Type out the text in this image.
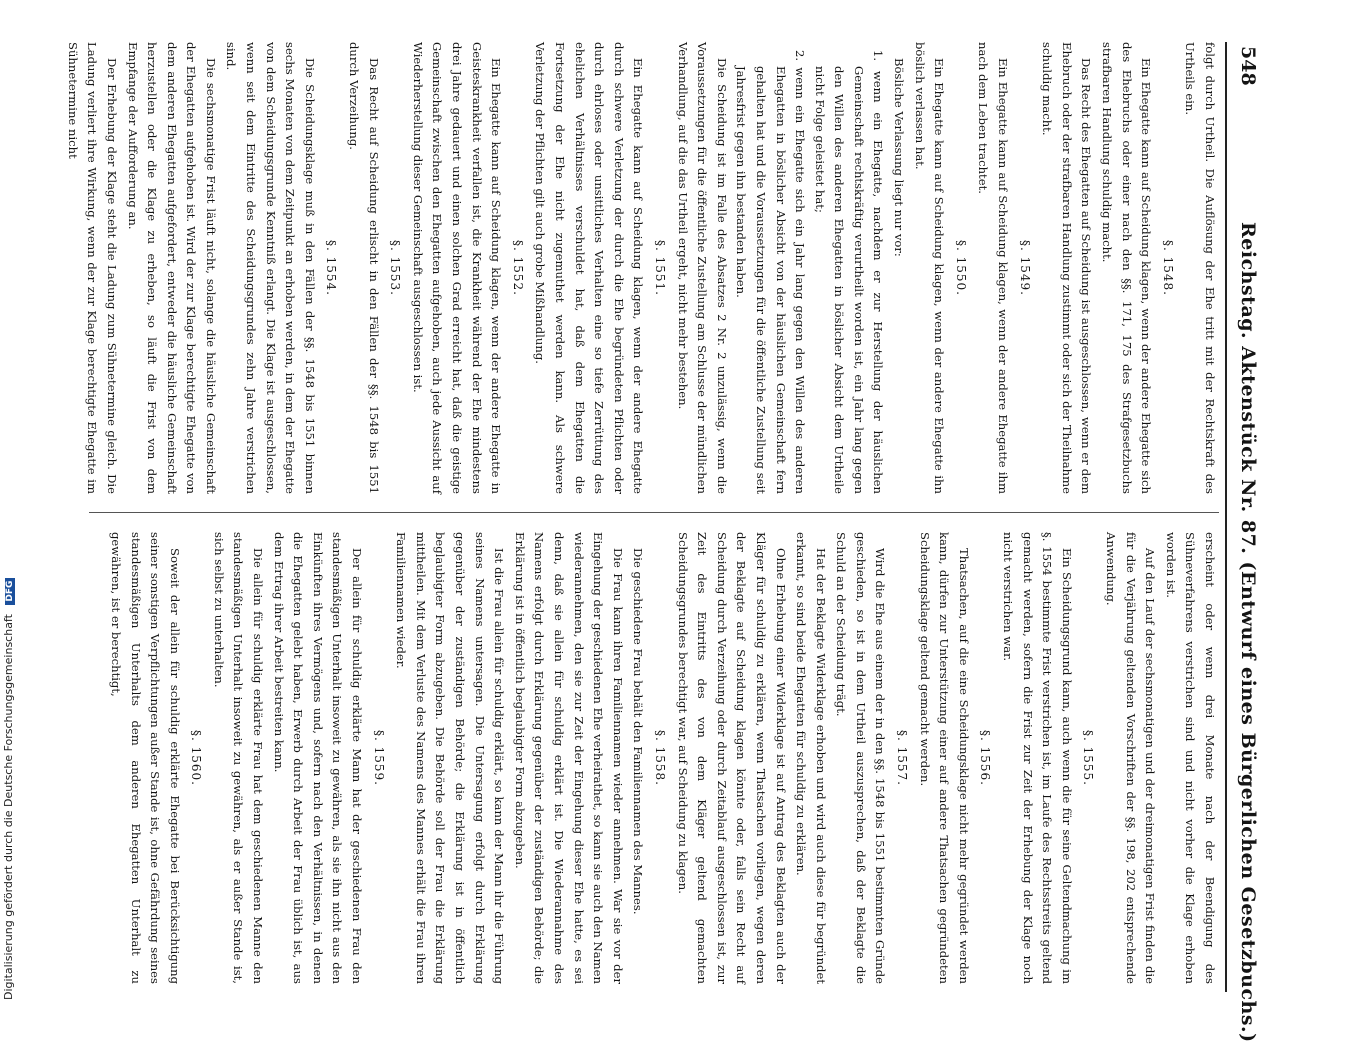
548
Reichstag. Aktenstück Nr. 87. (Entwurf eines Bürgerlichen Gesetzbuchs.)
folgt durch Urtheil. Die Auflösung der Ehe tritt mit der Rechtskraft des Urtheils ein.
§. 1548.
Ein Ehegatte kann auf Scheidung klagen, wenn der andere Ehegatte sich des Ehebruchs oder einer nach den §§. 171, 175 des Strafgesetzbuchs strafbaren Handlung schuldig macht.
Das Recht des Ehegatten auf Scheidung ist ausgeschlossen, wenn er dem Ehebruch oder der strafbaren Handlung zustimmt oder sich der Theilnahme schuldig macht.
§. 1549.
Ein Ehegatte kann auf Scheidung klagen, wenn der andere Ehegatte ihm nach dem Leben trachtet.
§. 1550.
Ein Ehegatte kann auf Scheidung klagen, wenn der andere Ehegatte ihn böslich verlassen hat.
Bösliche Verlassung liegt nur vor:
1. wenn ein Ehegatte, nachdem er zur Herstellung der häuslichen Gemeinschaft rechtskräftig verurtheilt worden ist, ein Jahr lang gegen den Willen des anderen Ehegatten in böslicher Absicht dem Urtheile nicht Folge geleistet hat;
2. wenn ein Ehegatte sich ein Jahr lang gegen den Willen des anderen Ehegatten in böslicher Absicht von der häuslichen Gemeinschaft fern gehalten hat und die Voraussetzungen für die öffentliche Zustellung seit Jahresfrist gegen ihn bestanden haben.
Die Scheidung ist im Falle des Absatzes 2 Nr. 2 unzulässig, wenn die Voraussetzungen für die öffentliche Zustellung am Schlusse der mündlichen Verhandlung, auf die das Urtheil ergeht, nicht mehr bestehen.
§. 1551.
Ein Ehegatte kann auf Scheidung klagen, wenn der andere Ehegatte durch schwere Verletzung der durch die Ehe begründeten Pflichten oder durch ehrloses oder unsittliches Verhalten eine so tiefe Zerrüttung des ehelichen Verhältnisses verschuldet hat, daß dem Ehegatten die Fortsetzung der Ehe nicht zugemuthet werden kann. Als schwere Verletzung der Pflichten gilt auch grobe Mißhandlung.
§. 1552.
Ein Ehegatte kann auf Scheidung klagen, wenn der andere Ehegatte in Geisteskrankheit verfallen ist, die Krankheit während der Ehe mindestens drei Jahre gedauert und einen solchen Grad erreicht hat, daß die geistige Gemeinschaft zwischen den Ehegatten aufgehoben, auch jede Aussicht auf Wiederherstellung dieser Gemeinschaft ausgeschlossen ist.
§. 1553.
Das Recht auf Scheidung erlischt in den Fällen der §§. 1548 bis 1551 durch Verzeihung.
§. 1554.
Die Scheidungsklage muß in den Fällen der §§. 1548 bis 1551 binnen sechs Monaten von dem Zeitpunkt an erhoben werden, in dem der Ehegatte von dem Scheidungsgrunde Kenntniß erlangt. Die Klage ist ausgeschlossen, wenn seit dem Eintritte des Scheidungsgrundes zehn Jahre verstrichen sind.
Die sechsmonatige Frist läuft nicht, solange die häusliche Gemeinschaft der Ehegatten aufgehoben ist. Wird der zur Klage berechtigte Ehegatte von dem anderen Ehegatten aufgefordert, entweder die häusliche Gemeinschaft herzustellen oder die Klage zu erheben, so läuft die Frist von dem Empfange der Aufforderung an.
Der Erhebung der Klage steht die Ladung zum Sühnetermine gleich. Die Ladung verliert ihre Wirkung, wenn der zur Klage berechtigte Ehegatte im Sühnetermine nicht
erscheint oder wenn drei Monate nach der Beendigung des Sühneverfahrens verstrichen sind und nicht vorher die Klage erhoben worden ist.
Auf den Lauf der sechsmonatigen und der dreimonatigen Frist finden die für die Verjährung geltenden Vorschriften der §§. 198, 202 entsprechende Anwendung.
§. 1555.
Ein Scheidungsgrund kann, auch wenn die für seine Geltendmachung im §. 1554 bestimmte Frist verstrichen ist, im Laufe des Rechtsstreits geltend gemacht werden, sofern die Frist zur Zeit der Erhebung der Klage noch nicht verstrichen war.
§. 1556.
Thatsachen, auf die eine Scheidungsklage nicht mehr gegründet werden kann, dürfen zur Unterstützung einer auf andere Thatsachen gegründeten Scheidungsklage geltend gemacht werden.
§. 1557.
Wird die Ehe aus einem der in den §§. 1548 bis 1551 bestimmten Gründe geschieden, so ist in dem Urtheil auszusprechen, daß der Beklagte die Schuld an der Scheidung trägt.
Hat der Beklagte Widerklage erhoben und wird auch diese für begründet erkannt, so sind beide Ehegatten für schuldig zu erklären.
Ohne Erhebung einer Widerklage ist auf Antrag des Beklagten auch der Kläger für schuldig zu erklären, wenn Thatsachen vorliegen, wegen deren der Beklagte auf Scheidung klagen könnte oder, falls sein Recht auf Scheidung durch Verzeihung oder durch Zeitablauf ausgeschlossen ist, zur Zeit des Eintritts des von dem Kläger geltend gemachten Scheidungsgrundes berechtigt war, auf Scheidung zu klagen.
§. 1558.
Die geschiedene Frau behält den Familiennamen des Mannes.
Die Frau kann ihren Familiennamen wieder annehmen. War sie vor der Eingehung der geschiedenen Ehe verheirathet, so kann sie auch den Namen wiederannehmen, den sie zur Zeit der Eingehung dieser Ehe hatte, es sei denn, daß sie allein für schuldig erklärt ist. Die Wiederannahme des Namens erfolgt durch Erklärung gegenüber der zuständigen Behörde; die Erklärung ist in öffentlich beglaubigter Form abzugeben.
Ist die Frau allein für schuldig erklärt, so kann der Mann ihr die Führung seines Namens untersagen. Die Untersagung erfolgt durch Erklärung gegenüber der zuständigen Behörde; die Erklärung ist in öffentlich beglaubigter Form abzugeben. Die Behörde soll der Frau die Erklärung mittheilen. Mit dem Verluste des Namens des Mannes erhält die Frau ihren Familiennamen wieder.
§. 1559.
Der allein für schuldig erklärte Mann hat der geschiedenen Frau den standesmäßigen Unterhalt insoweit zu gewähren, als sie ihn nicht aus den Einkünften ihres Vermögens und, sofern nach den Verhältnissen, in denen die Ehegatten gelebt haben, Erwerb durch Arbeit der Frau üblich ist, aus dem Ertrag ihrer Arbeit bestreiten kann.
Die allein für schuldig erklärte Frau hat dem geschiedenen Manne den standesmäßigen Unterhalt insoweit zu gewähren, als er außer Stande ist, sich selbst zu unterhalten.
§. 1560.
Soweit der allein für schuldig erklärte Ehegatte bei Berücksichtigung seiner sonstigen Verpflichtungen außer Stande ist, ohne Gefährdung seines standesmäßigen Unterhalts dem anderen Ehegatten Unterhalt zu gewähren, ist er berechtigt,
Digitalisierung gefördert durch die Deutsche Forschungsgemeinschaft DFG
